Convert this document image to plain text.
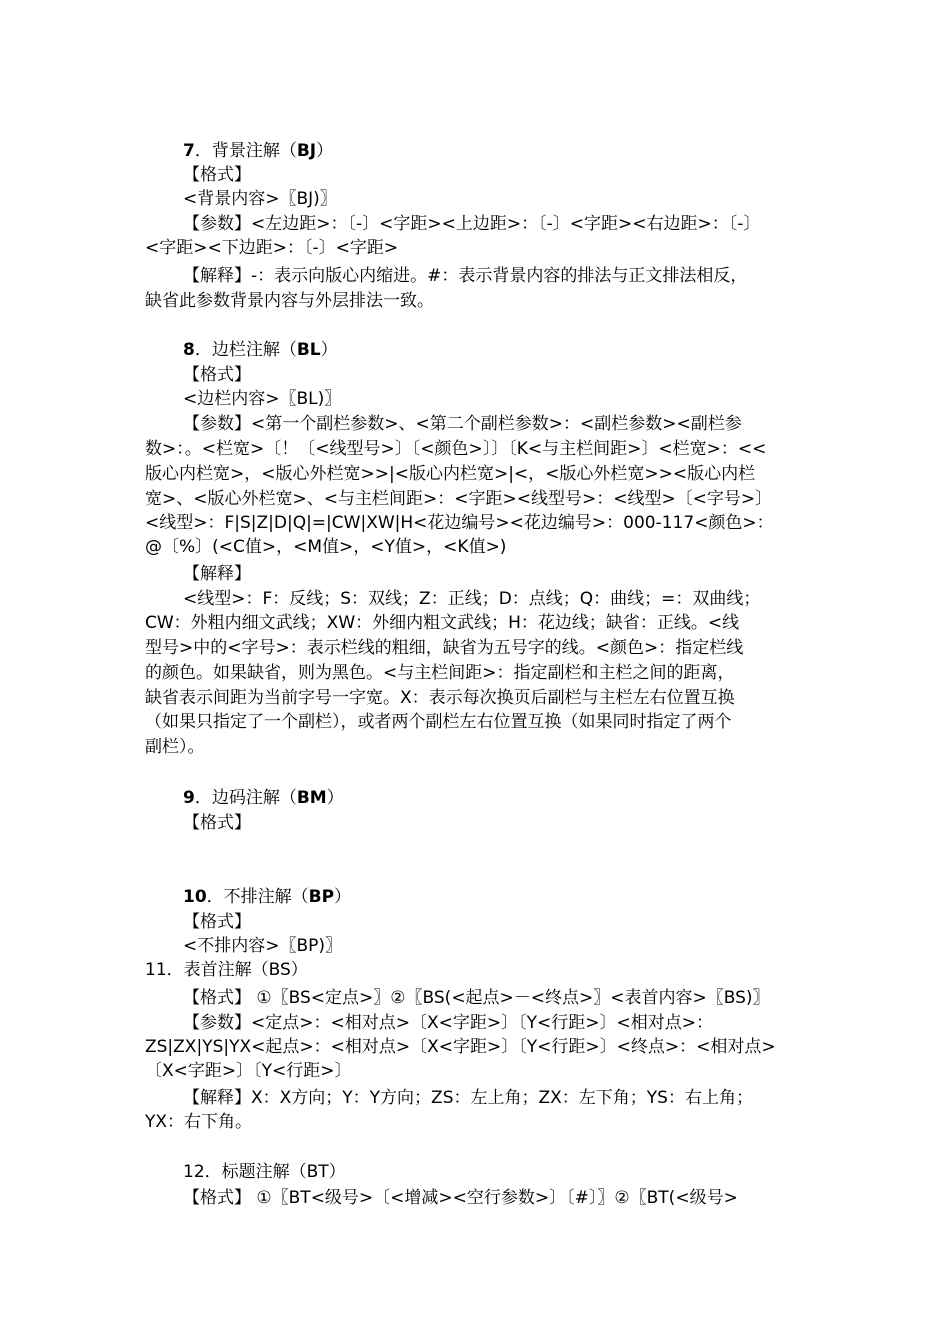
7．背景注解（BJ）
【格式】
<背景内容>〖BJ)〗
【参数】<左边距>：〔-〕<字距><上边距>：〔-〕<字距><右边距>：〔-〕
<字距><下边距>：〔-〕<字距>
【解释】-：表示向版心内缩进。#：表示背景内容的排法与正文排法相反，
缺省此参数背景内容与外层排法一致。
8．边栏注解（BL）
【格式】
<边栏内容>〖BL)〗
【参数】<第一个副栏参数>、<第二个副栏参数>：<副栏参数><副栏参
数>：。<栏宽>〔！〔<线型号>〕〔<颜色>〕〕〔K<与主栏间距>〕<栏宽>：<<
版心内栏宽>，<版心外栏宽>>|<版心内栏宽>|<，<版心外栏宽>><版心内栏
宽>、<版心外栏宽>、<与主栏间距>：<字距><线型号>：<线型>〔<字号>〕
<线型>：F|S|Z|D|Q|=|CW|XW|H<花边编号><花边编号>：000-117<颜色>：
@〔%〕(<C值>，<M值>，<Y值>，<K值>)
【解释】
<线型>：F：反线；S：双线；Z：正线；D：点线；Q：曲线；=：双曲线；
CW：外粗内细文武线；XW：外细内粗文武线；H：花边线；缺省：正线。<线
型号>中的<字号>：表示栏线的粗细，缺省为五号字的线。<颜色>：指定栏线
的颜色。如果缺省，则为黑色。<与主栏间距>：指定副栏和主栏之间的距离，
缺省表示间距为当前字号一字宽。X：表示每次换页后副栏与主栏左右位置互换
（如果只指定了一个副栏），或者两个副栏左右位置互换（如果同时指定了两个
副栏）。
9．边码注解（BM）
【格式】
10．不排注解（BP）
【格式】
<不排内容>〖BP)〗
11．表首注解（BS）
【格式】 ①〖BS<定点>〗②〖BS(<起点>－<终点>〗<表首内容>〖BS)〗
【参数】<定点>：<相对点>〔X<字距>〕〔Y<行距>〕<相对点>：
ZS|ZX|YS|YX<起点>：<相对点>〔X<字距>〕〔Y<行距>〕<终点>：<相对点>
〔X<字距>〕〔Y<行距>〕
【解释】X：X方向；Y：Y方向；ZS：左上角；ZX：左下角；YS：右上角；
YX：右下角。
12．标题注解（BT）
【格式】 ①〖BT<级号>〔<增减><空行参数>〕〔#〕〗②〖BT(<级号>
